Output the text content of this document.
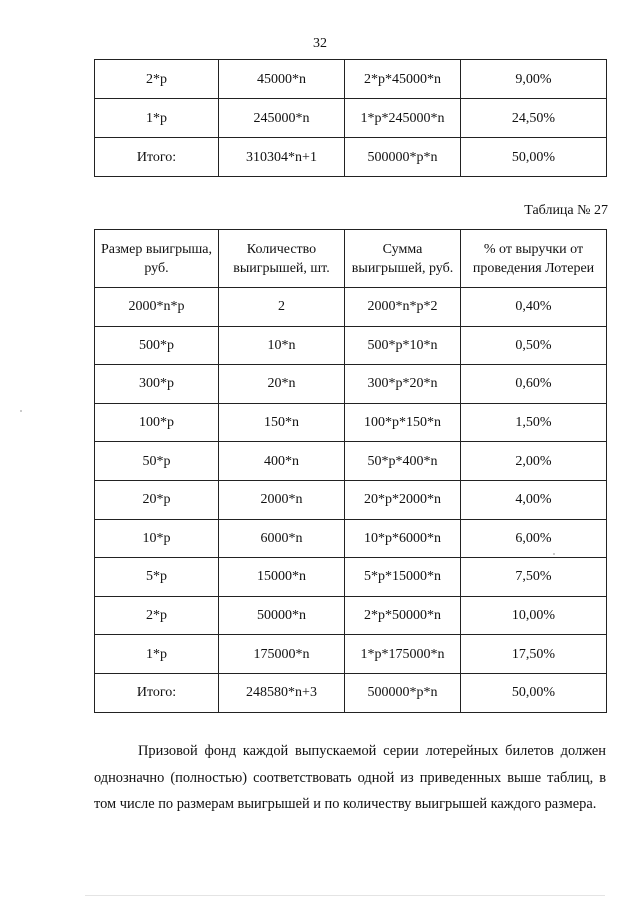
32
2*p	45000*n	2*p*45000*n	9,00%
1*p	245000*n	1*p*245000*n	24,50%
Итого:	310304*n+1	500000*p*n	50,00%
Таблица № 27
Размер выигрыша, руб.	Количество выигрышей, шт.	Сумма выигрышей, руб.	% от выручки от проведения Лотереи
2000*n*p	2	2000*n*p*2	0,40%
500*p	10*n	500*p*10*n	0,50%
300*p	20*n	300*p*20*n	0,60%
100*p	150*n	100*p*150*n	1,50%
50*p	400*n	50*p*400*n	2,00%
20*p	2000*n	20*p*2000*n	4,00%
10*p	6000*n	10*p*6000*n	6,00%
5*p	15000*n	5*p*15000*n	7,50%
2*p	50000*n	2*p*50000*n	10,00%
1*p	175000*n	1*p*175000*n	17,50%
Итого:	248580*n+3	500000*p*n	50,00%

Призовой фонд каждой выпускаемой серии лотерейных билетов должен однозначно (полностью) соответствовать одной из приведенных выше таблиц, в том числе по размерам выигрышей и по количеству выигрышей каждого размера.
